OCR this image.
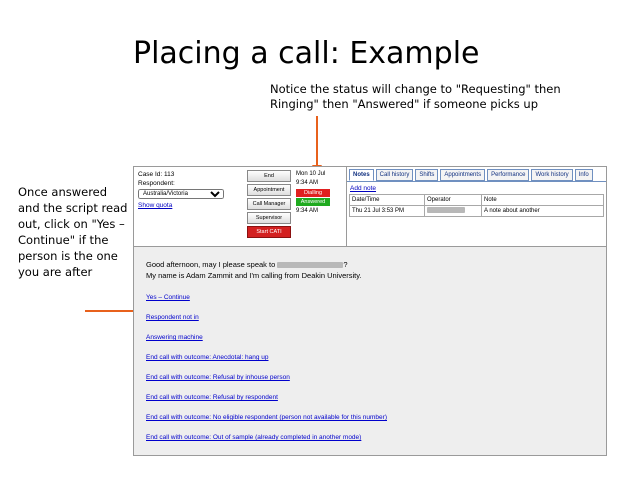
Placing a call: Example
Notice the status will change to "Requesting" then Ringing" then "Answered" if someone picks up
Once answered and the script read out, click on "Yes – Continue" if the person is the one you are after
Case Id: 113
Respondent:
Australia/Victoria
Show quota
End
Appointment
Call Manager
Supervisor
Start CATI
Mon 10 Jul
9:34 AM
Dialling
Answered
9:34 AM
Notes	Call history	Shifts	Appointments	Performance	Work history	Info
Add note
Date/Time	Operator	Note
Thu 21 Jul 3:53 PM		A note about another
Good afternoon, may I please speak to	?
My name is Adam Zammit and I'm calling from Deakin University.
Yes – Continue
Respondent not in
Answering machine
End call with outcome: Anecdotal: hang up
End call with outcome: Refusal by inhouse person
End call with outcome: Refusal by respondent
End call with outcome: No eligible respondent (person not available for this number)
End call with outcome: Out of sample (already completed in another mode)
